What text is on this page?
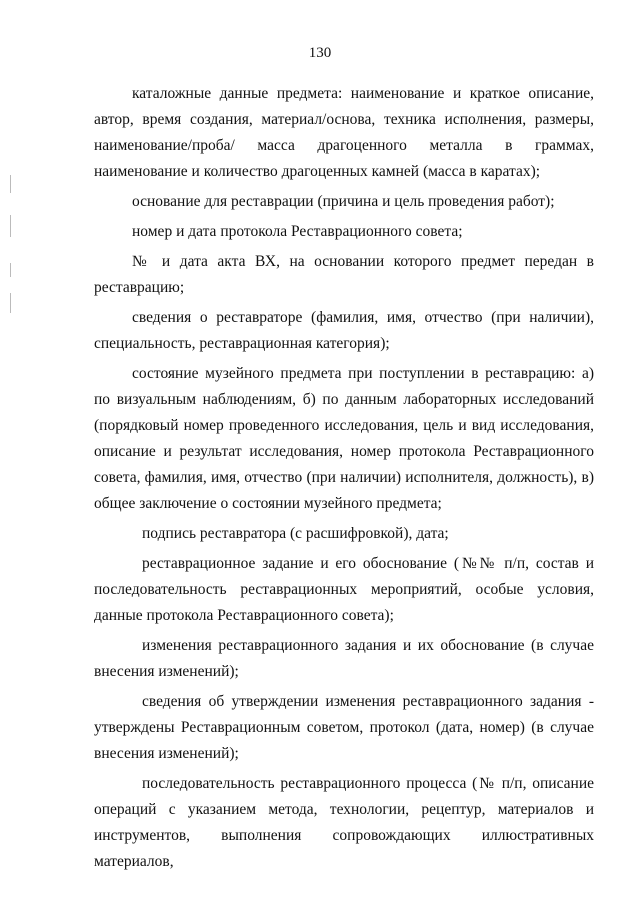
130

каталожные данные предмета: наименование и краткое описание, автор, время создания, материал/основа, техника исполнения, размеры, наименование/проба/ масса драгоценного металла в граммах, наименование и количество драгоценных камней (масса в каратах);

основание для реставрации (причина и цель проведения работ);

номер и дата протокола Реставрационного совета;

№ и дата акта ВХ, на основании которого предмет передан в реставрацию;

сведения о реставраторе (фамилия, имя, отчество (при наличии), специальность, реставрационная категория);

состояние музейного предмета при поступлении в реставрацию: а) по визуальным наблюдениям, б) по данным лабораторных исследований (порядковый номер проведенного исследования, цель и вид исследования, описание и результат исследования, номер протокола Реставрационного совета, фамилия, имя, отчество (при наличии) исполнителя, должность), в) общее заключение о состоянии музейного предмета;

подпись реставратора (с расшифровкой), дата;

реставрационное задание и его обоснование (№№ п/п, состав и последовательность реставрационных мероприятий, особые условия, данные протокола Реставрационного совета);

изменения реставрационного задания и их обоснование (в случае внесения изменений);

сведения об утверждении изменения реставрационного задания - утверждены Реставрационным советом, протокол (дата, номер) (в случае внесения изменений);

последовательность реставрационного процесса (№ п/п, описание операций с указанием метода, технологии, рецептур, материалов и инструментов, выполнения сопровождающих иллюстративных материалов,
